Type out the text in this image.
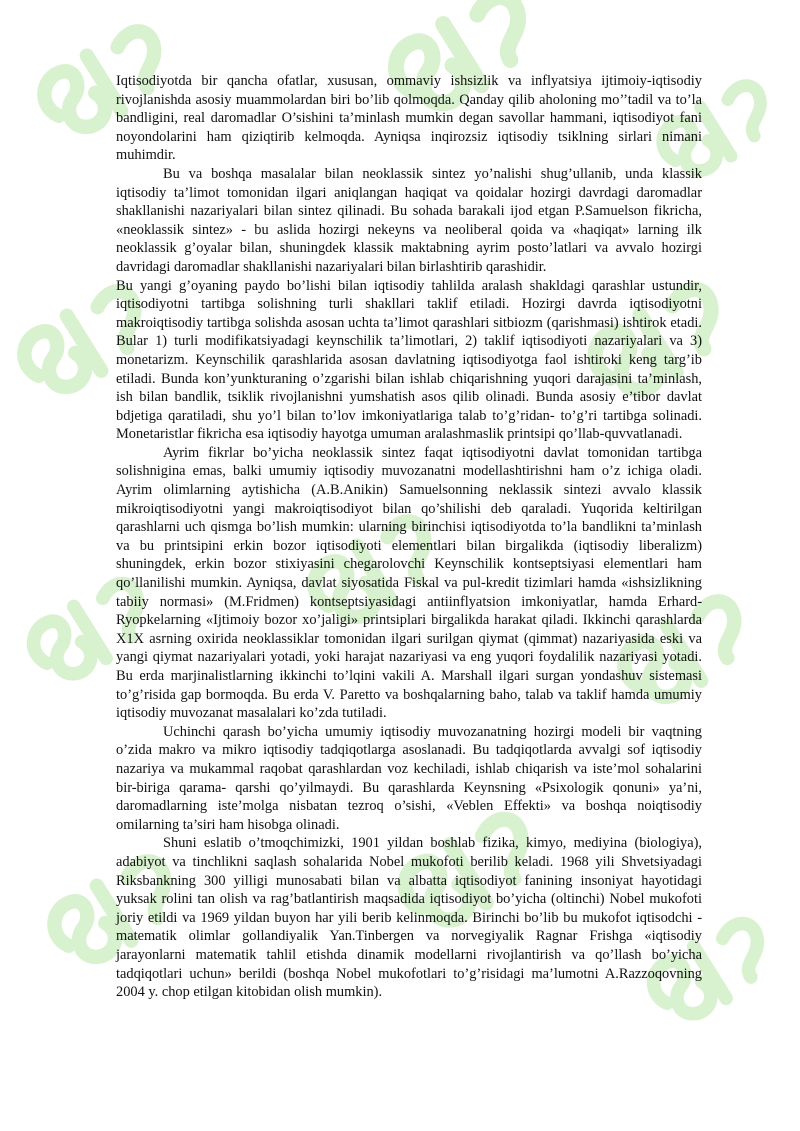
Iqtisodiyotda bir qancha ofatlar, xususan, ommaviy ishsizlik va inflyatsiya ijtimoiy-iqtisodiy rivojlanishda asosiy muammolardan biri bo’lib qolmoqda. Qanday qilib aholoning mo’’tadil va to’la bandligini, real daromadlar O’sishini ta’minlash mumkin degan savollar hammani, iqtisodiyot fani noyondolarini ham qiziqtirib kelmoqda. Ayniqsa inqirozsiz iqtisodiy tsiklning sirlari nimani muhimdir.

Bu va boshqa masalalar bilan neoklassik sintez yo’nalishi shug’ullanib, unda klassik iqtisodiy ta’limot tomonidan ilgari aniqlangan haqiqat va qoidalar hozirgi davrdagi daromadlar shakllanishi nazariyalari bilan sintez qilinadi. Bu sohada barakali ijod etgan P.Samuelson fikricha, «neoklassik sintez» - bu aslida hozirgi nekeyns va neoliberal qoida va «haqiqat» larning ilk neoklassik g’oyalar bilan, shuningdek klassik maktabning ayrim posto’latlari va avvalo hozirgi davridagi daromadlar shakllanishi nazariyalari bilan birlashtirib qarashidir.

Bu yangi g’oyaning paydo bo’lishi bilan iqtisodiy tahlilda aralash shakldagi qarashlar ustundir, iqtisodiyotni tartibga solishning turli shakllari taklif etiladi. Hozirgi davrda iqtisodiyotni makroiqtisodiy tartibga solishda asosan uchta ta’limot qarashlari sitbiozm (qarishmasi) ishtirok etadi. Bular 1) turli modifikatsiyadagi keynschilik ta’limotlari, 2) taklif iqtisodiyoti nazariyalari va 3) monetarizm. Keynschilik qarashlarida asosan davlatning iqtisodiyotga faol ishtiroki keng targ’ib etiladi. Bunda kon’yunkturaning o’zgarishi bilan ishlab chiqarishning yuqori darajasini ta’minlash, ish bilan bandlik, tsiklik rivojlanishni yumshatish asos qilib olinadi. Bunda asosiy e’tibor davlat bdjetiga qaratiladi, shu yo’l bilan to’lov imkoniyatlariga talab to’g’ridan- to’g’ri tartibga solinadi. Monetaristlar fikricha esa iqtisodiy hayotga umuman aralashmaslik printsipi qo’llab-quvvatlanadi.

Ayrim fikrlar bo’yicha neoklassik sintez faqat iqtisodiyotni davlat tomonidan tartibga solishnigina emas, balki umumiy iqtisodiy muvozanatni modellashtirishni ham o’z ichiga oladi. Ayrim olimlarning aytishicha (A.B.Anikin) Samuelsonning neklassik sintezi avvalo klassik mikroiqtisodiyotni yangi makroiqtisodiyot bilan qo’shilishi deb qaraladi. Yuqorida keltirilgan qarashlarni uch qismga bo’lish mumkin: ularning birinchisi iqtisodiyotda to’la bandlikni ta’minlash va bu printsipini erkin bozor iqtisodiyoti elementlari bilan birgalikda (iqtisodiy liberalizm) shuningdek, erkin bozor stixiyasini chegarolovchi Keynschilik kontseptsiyasi elementlari ham qo’llanilishi mumkin. Ayniqsa, davlat siyosatida Fiskal va pul-kredit tizimlari hamda «ishsizlikning tabiiy normasi» (M.Fridmen) kontseptsiyasidagi antiinflyatsion imkoniyatlar, hamda Erhard-Ryopkelarning «Ijtimoiy bozor xo’jaligi» printsiplari birgalikda harakat qiladi. Ikkinchi qarashlarda X1X asrning oxirida neoklassiklar tomonidan ilgari surilgan qiymat (qimmat) nazariyasida eski va yangi qiymat nazariyalari yotadi, yoki harajat nazariyasi va eng yuqori foydalilik nazariyasi yotadi. Bu erda marjinalistlarning ikkinchi to’lqini vakili A. Marshall ilgari surgan yondashuv sistemasi to’g’risida gap bormoqda. Bu erda V. Paretto va boshqalarning baho, talab va taklif hamda umumiy iqtisodiy muvozanat masalalari ko’zda tutiladi.

Uchinchi qarash bo’yicha umumiy iqtisodiy muvozanatning hozirgi modeli bir vaqtning o’zida makro va mikro iqtisodiy tadqiqotlarga asoslanadi. Bu tadqiqotlarda avvalgi sof iqtisodiy nazariya va mukammal raqobat qarashlardan voz kechiladi, ishlab chiqarish va iste’mol sohalarini bir-biriga qarama- qarshi qo’yilmaydi. Bu qarashlarda Keynsning «Psixologik qonuni» ya’ni, daromadlarning iste’molga nisbatan tezroq o’sishi, «Veblen Effekti» va boshqa noiqtisodiy omilarning ta’siri ham hisobga olinadi.

Shuni eslatib o’tmoqchimizki, 1901 yildan boshlab fizika, kimyo, mediyina (biologiya), adabiyot va tinchlikni saqlash sohalarida Nobel mukofoti berilib keladi. 1968 yili Shvetsiyadagi Riksbankning 300 yilligi munosabati bilan va albatta iqtisodiyot fanining insoniyat hayotidagi yuksak rolini tan olish va rag’batlantirish maqsadida iqtisodiyot bo’yicha (oltinchi) Nobel mukofoti joriy etildi va 1969 yildan buyon har yili berib kelinmoqda. Birinchi bo’lib bu mukofot iqtisodchi - matematik olimlar gollandiyalik Yan.Tinbergen va norvegiyalik Ragnar Frishga «iqtisodiy jarayonlarni matematik tahlil etishda dinamik modellarni rivojlantirish va qo’llash bo’yicha tadqiqotlari uchun» berildi (boshqa Nobel mukofotlari to’g’risidagi ma’lumotni A.Razzoqovning 2004 y. chop etilgan kitobidan olish mumkin).
